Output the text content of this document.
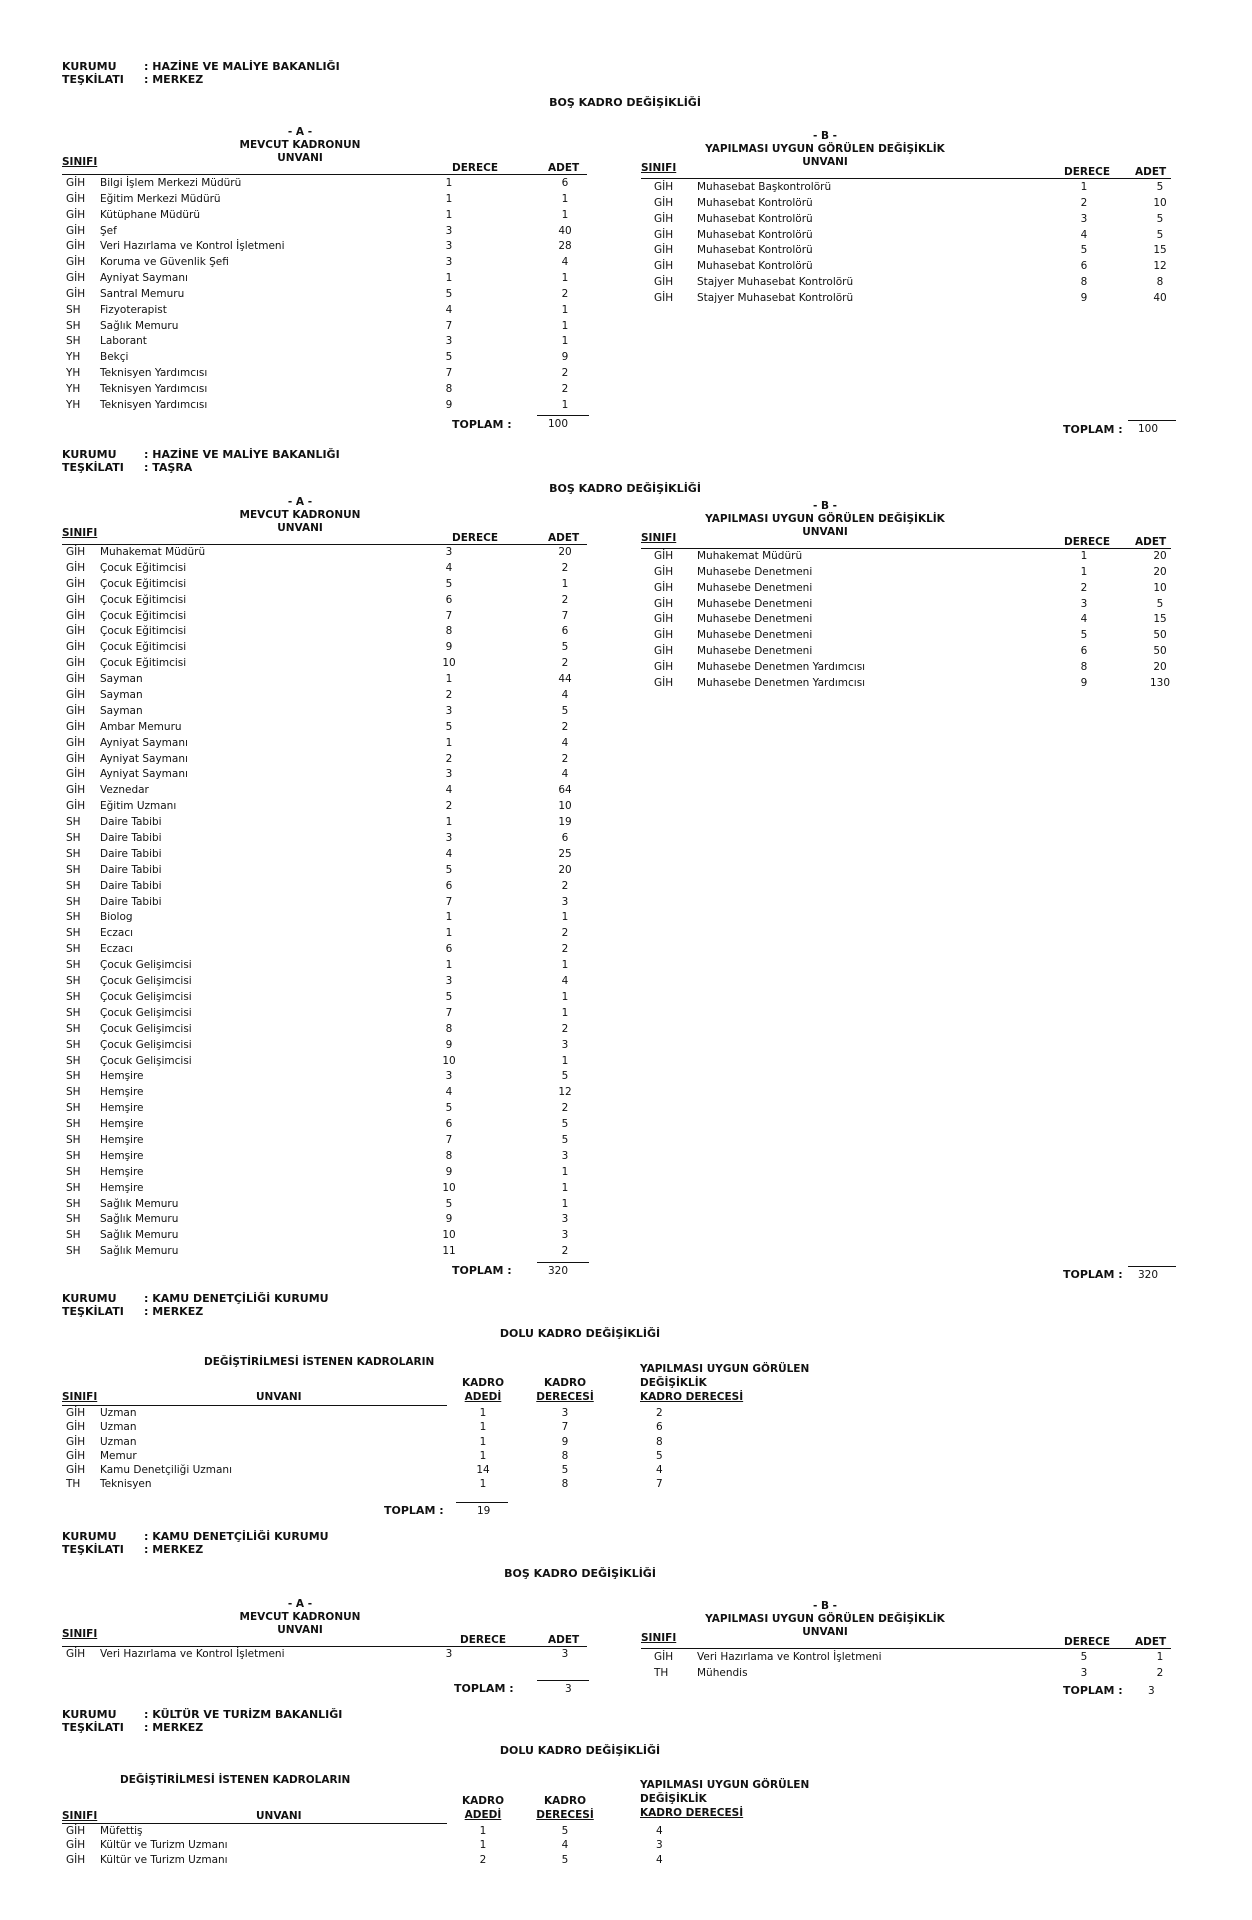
KURUMU : HAZİNE VE MALİYE BAKANLIĞI
TEŞKİLATI : MERKEZ
BOŞ KADRO DEĞİŞİKLİĞİ
- A -
MEVCUT KADRONUN
UNVANI
SINIFI	DERECE	ADET
GİH Bilgi İşlem Merkezi Müdürü	1	6
GİH Eğitim Merkezi Müdürü	1	1
GİH Kütüphane Müdürü	1	1
GİH Şef	3	40
GİH Veri Hazırlama ve Kontrol İşletmeni	3	28
GİH Koruma ve Güvenlik Şefi	3	4
GİH Ayniyat Saymanı	1	1
GİH Santral Memuru	5	2
SH Fizyoterapist	4	1
SH Sağlık Memuru	7	1
SH Laborant	3	1
YH Bekçi	5	9
YH Teknisyen Yardımcısı	7	2
YH Teknisyen Yardımcısı	8	2
YH Teknisyen Yardımcısı	9	1
TOPLAM :	100
- B -
YAPILMASI UYGUN GÖRÜLEN DEĞİŞİKLİK
UNVANI
SINIFI	DERECE ADET
GİH Muhasebat Başkontrolörü	1	5
GİH Muhasebat Kontrolörü	2	10
GİH Muhasebat Kontrolörü	3	5
GİH Muhasebat Kontrolörü	4	5
GİH Muhasebat Kontrolörü	5	15
GİH Muhasebat Kontrolörü	6	12
GİH Stajyer Muhasebat Kontrolörü	8	8
GİH Stajyer Muhasebat Kontrolörü	9	40
TOPLAM : 100
KURUMU : HAZİNE VE MALİYE BAKANLIĞI
TEŞKİLATI : TAŞRA
BOŞ KADRO DEĞİŞİKLİĞİ
- A -
MEVCUT KADRONUN
UNVANI
SINIFI	DERECE	ADET
GİH Muhakemat Müdürü	3	20
GİH Çocuk Eğitimcisi	4	2
GİH Çocuk Eğitimcisi	5	1
GİH Çocuk Eğitimcisi	6	2
GİH Çocuk Eğitimcisi	7	7
GİH Çocuk Eğitimcisi	8	6
GİH Çocuk Eğitimcisi	9	5
GİH Çocuk Eğitimcisi	10	2
GİH Sayman	1	44
GİH Sayman	2	4
GİH Sayman	3	5
GİH Ambar Memuru	5	2
GİH Ayniyat Saymanı	1	4
GİH Ayniyat Saymanı	2	2
GİH Ayniyat Saymanı	3	4
GİH Veznedar	4	64
GİH Eğitim Uzmanı	2	10
SH Daire Tabibi	1	19
SH Daire Tabibi	3	6
SH Daire Tabibi	4	25
SH Daire Tabibi	5	20
SH Daire Tabibi	6	2
SH Daire Tabibi	7	3
SH Biolog	1	1
SH Eczacı	1	2
SH Eczacı	6	2
SH Çocuk Gelişimcisi	1	1
SH Çocuk Gelişimcisi	3	4
SH Çocuk Gelişimcisi	5	1
SH Çocuk Gelişimcisi	7	1
SH Çocuk Gelişimcisi	8	2
SH Çocuk Gelişimcisi	9	3
SH Çocuk Gelişimcisi	10	1
SH Hemşire	3	5
SH Hemşire	4	12
SH Hemşire	5	2
SH Hemşire	6	5
SH Hemşire	7	5
SH Hemşire	8	3
SH Hemşire	9	1
SH Hemşire	10	1
SH Sağlık Memuru	5	1
SH Sağlık Memuru	9	3
SH Sağlık Memuru	10	3
SH Sağlık Memuru	11	2
TOPLAM :	320
- B -
YAPILMASI UYGUN GÖRÜLEN DEĞİŞİKLİK
UNVANI
SINIFI	DERECE ADET
GİH Muhakemat Müdürü	1	20
GİH Muhasebe Denetmeni	1	20
GİH Muhasebe Denetmeni	2	10
GİH Muhasebe Denetmeni	3	5
GİH Muhasebe Denetmeni	4	15
GİH Muhasebe Denetmeni	5	50
GİH Muhasebe Denetmeni	6	50
GİH Muhasebe Denetmen Yardımcısı	8	20
GİH Muhasebe Denetmen Yardımcısı	9	130
TOPLAM : 320
KURUMU : KAMU DENETÇİLİĞİ KURUMU
TEŞKİLATI : MERKEZ
DOLU KADRO DEĞİŞİKLİĞİ
DEĞİŞTİRİLMESİ İSTENEN KADROLARIN
YAPILMASI UYGUN GÖRÜLEN
DEĞİŞİKLİK
KADRO DERECESİ
KADRO
ADEDİ
KADRO
DERECESİ
SINIFI	UNVANI
GİH Uzman	1	3	2
GİH Uzman	1	7	6
GİH Uzman	1	9	8
GİH Memur	1	8	5
GİH Kamu Denetçiliği Uzmanı	14	5	4
TH Teknisyen	1	8	7
TOPLAM :	19
KURUMU : KAMU DENETÇİLİĞİ KURUMU
TEŞKİLATI : MERKEZ
BOŞ KADRO DEĞİŞİKLİĞİ
- A -
MEVCUT KADRONUN
UNVANI
SINIFI	DERECE	ADET
GİH Veri Hazırlama ve Kontrol İşletmeni	3	3
TOPLAM :	3
- B -
YAPILMASI UYGUN GÖRÜLEN DEĞİŞİKLİK
UNVANI
SINIFI	DERECE ADET
GİH Veri Hazırlama ve Kontrol İşletmeni	5	1
TH	Mühendis	3	2
TOPLAM : 3
KURUMU : KÜLTÜR VE TURİZM BAKANLIĞI
TEŞKİLATI : MERKEZ
DOLU KADRO DEĞİŞİKLİĞİ
DEĞİŞTİRİLMESİ İSTENEN KADROLARIN	YAPILMASI UYGUN GÖRÜLEN
DEĞİŞİKLİK
KADRO DERECESİ
KADRO
ADEDİ
KADRO
DERECESİ
SINIFI	UNVANI
GİH Müfettiş	1	5	4
GİH Kültür ve Turizm Uzmanı	1	4	3
GİH Kültür ve Turizm Uzmanı	2	5	4
